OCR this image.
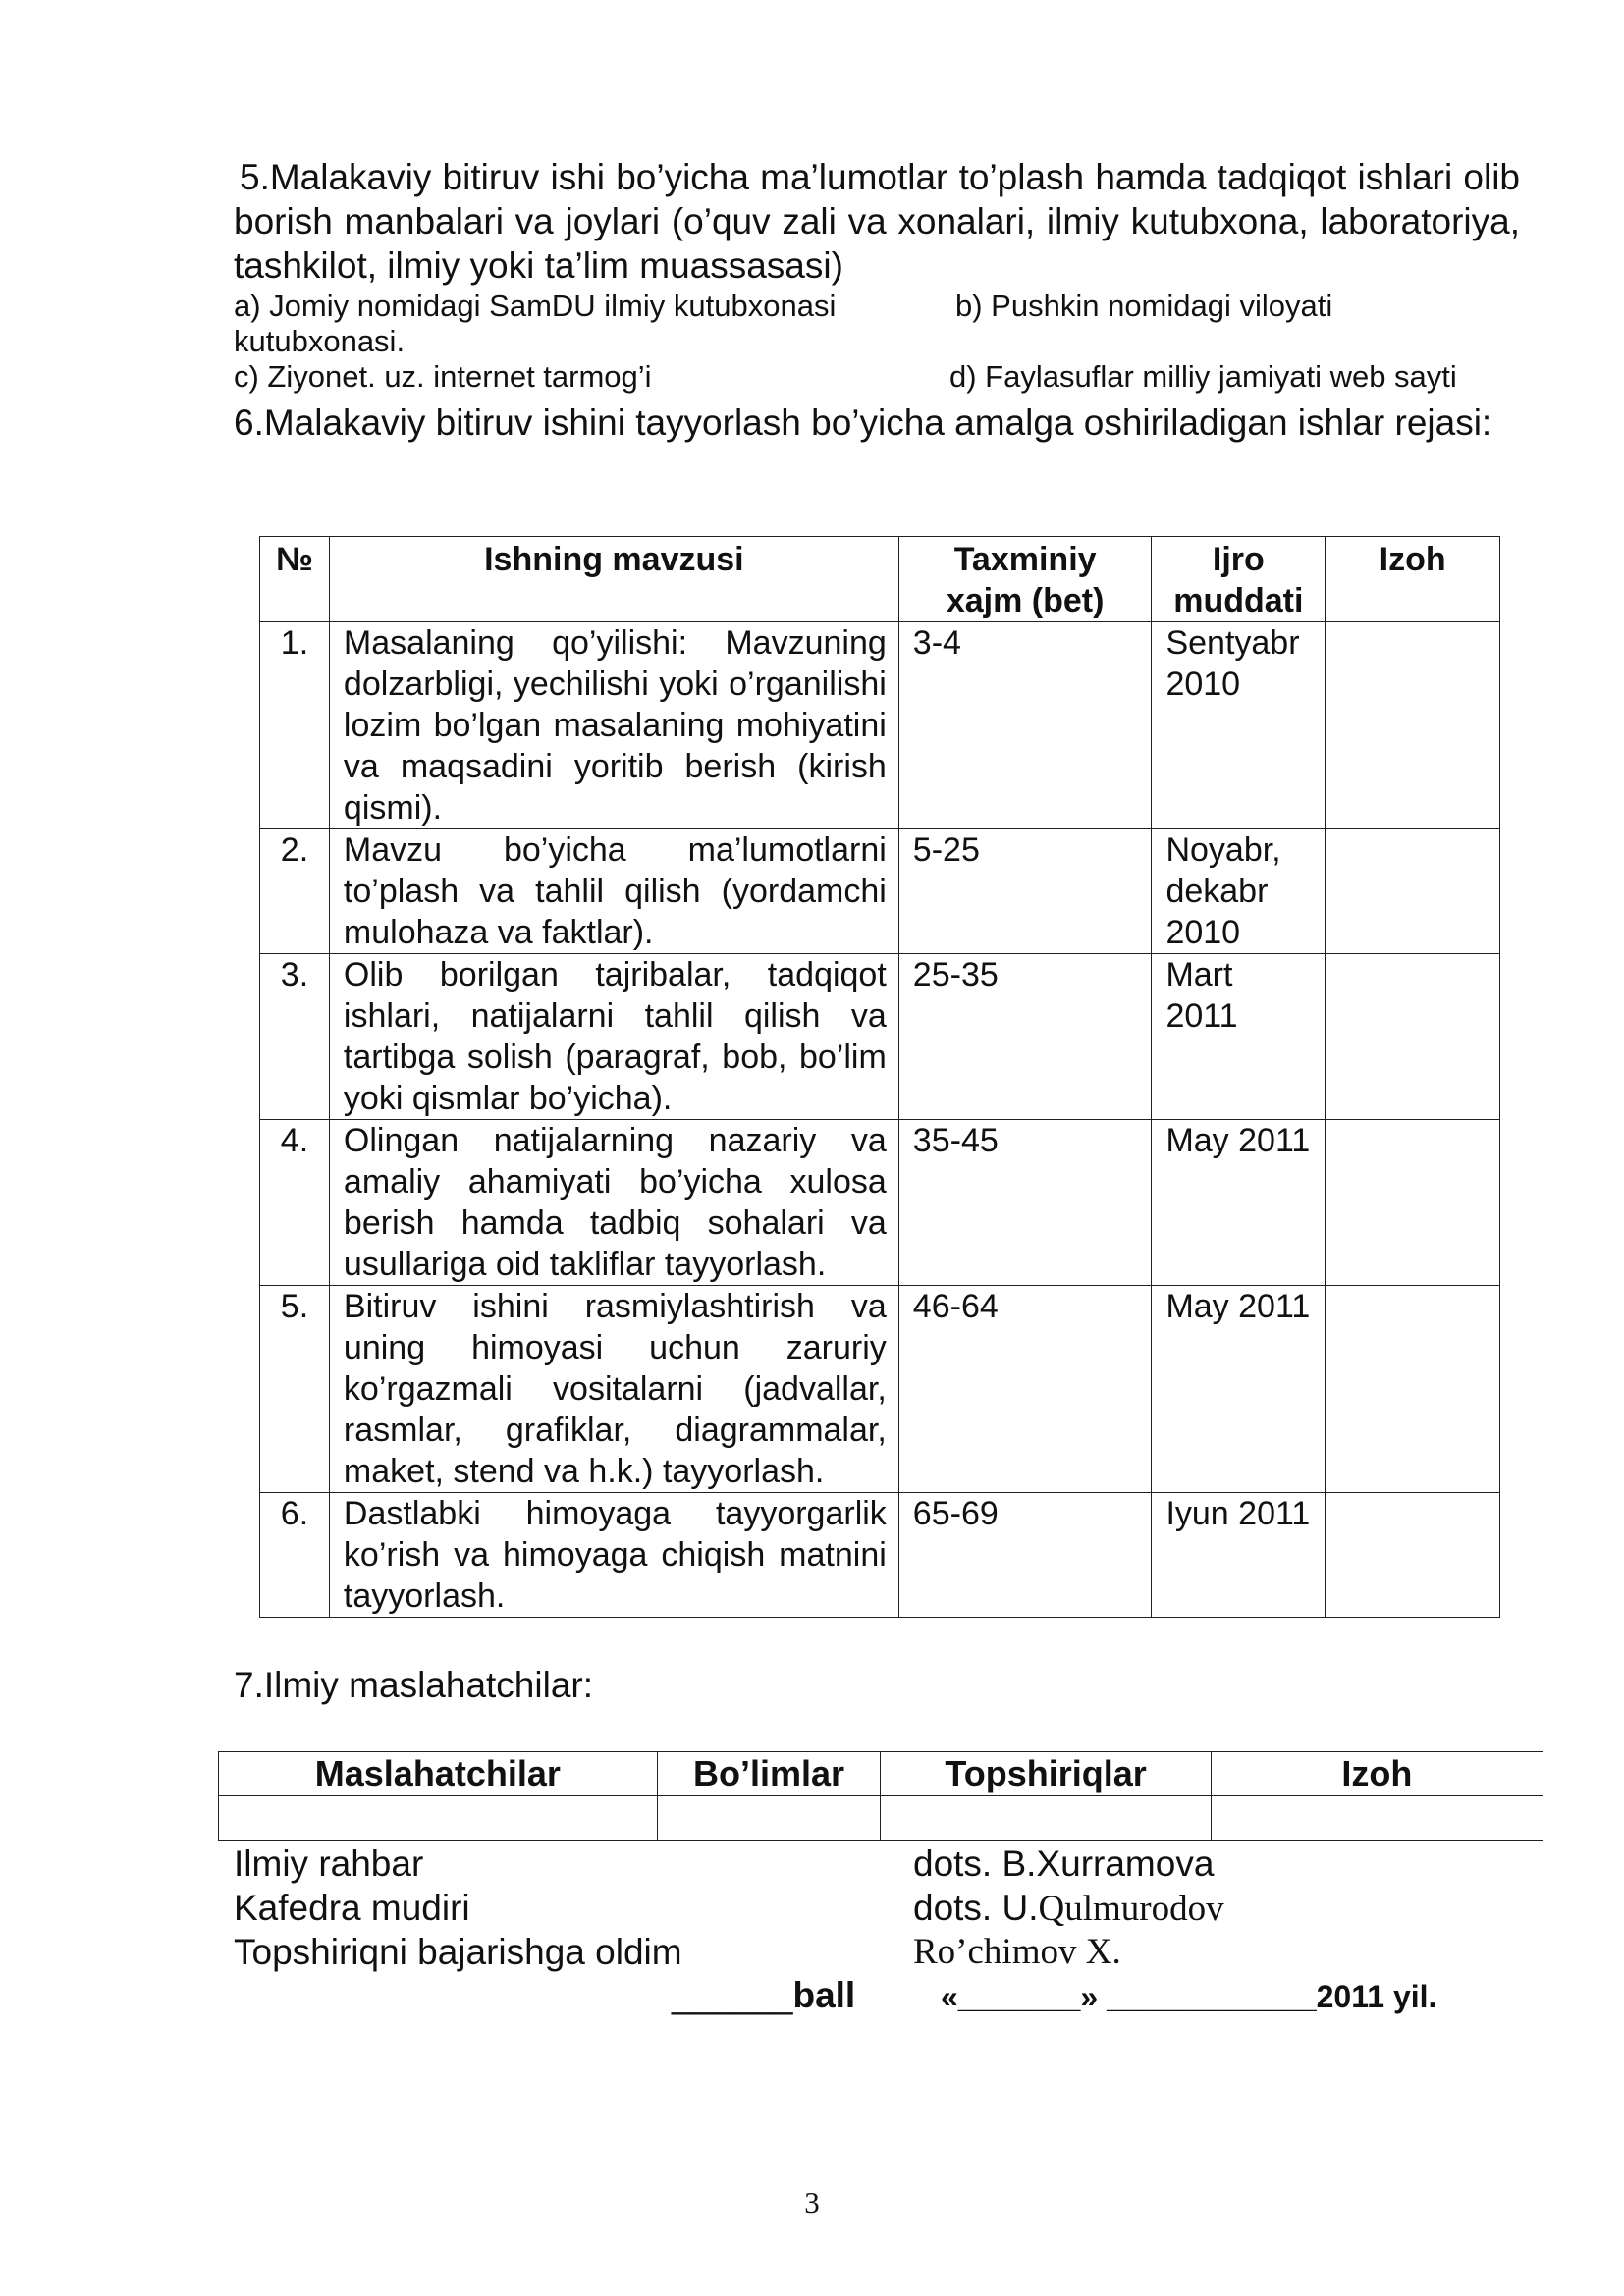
5.Malakaviy bitiruv ishi bo’yicha ma’lumotlar to’plash hamda tadqiqot ishlari olib borish manbalari va joylari (o’quv zali va xonalari, ilmiy kutubxona, laboratoriya, tashkilot, ilmiy yoki ta’lim muassasasi)
a) Jomiy nomidagi SamDU ilmiy kutubxonasi	b) Pushkin nomidagi viloyati
kutubxonasi.
c) Ziyonet. uz. internet tarmog’i	d) Faylasuflar milliy jamiyati web sayti
6.Malakaviy bitiruv ishini tayyorlash bo’yicha amalga oshiriladigan ishlar rejasi:
№	Ishning mavzusi	Taxminiy xajm (bet)	Ijro muddati	Izoh
1.	Masalaning qo’yilishi: Mavzuning dolzarbligi, yechilishi yoki o’rganilishi lozim bo’lgan masalaning mohiyatini va maqsadini yoritib berish (kirish qismi).	3-4	Sentyabr 2010	
2.	Mavzu bo’yicha ma’lumotlarni to’plash va tahlil qilish (yordamchi mulohaza va faktlar).	5-25	Noyabr, dekabr 2010	
3.	Olib borilgan tajribalar, tadqiqot ishlari, natijalarni tahlil qilish va tartibga solish (paragraf, bob, bo’lim yoki qismlar bo’yicha).	25-35	Mart 2011	
4.	Olingan natijalarning nazariy va amaliy ahamiyati bo’yicha xulosa berish hamda tadbiq sohalari va usullariga oid takliflar tayyorlash.	35-45	May 2011	
5.	Bitiruv ishini rasmiylashtirish va uning himoyasi uchun zaruriy ko’rgazmali vositalarni (jadvallar, rasmlar, grafiklar, diagrammalar, maket, stend va h.k.) tayyorlash.	46-64	May 2011	
6.	Dastlabki himoyaga tayyorgarlik ko’rish va himoyaga chiqish matnini tayyorlash.	65-69	Iyun 2011	
7.Ilmiy maslahatchilar:
Maslahatchilar	Bo’limlar	Topshiriqlar	Izoh

Ilmiy rahbar	dots. B.Xurramova
Kafedra mudiri	dots. U.Qulmurodov
Topshiriqni bajarishga oldim	Ro’chimov X.
______ball	«_______» ____________2011 yil.
3
